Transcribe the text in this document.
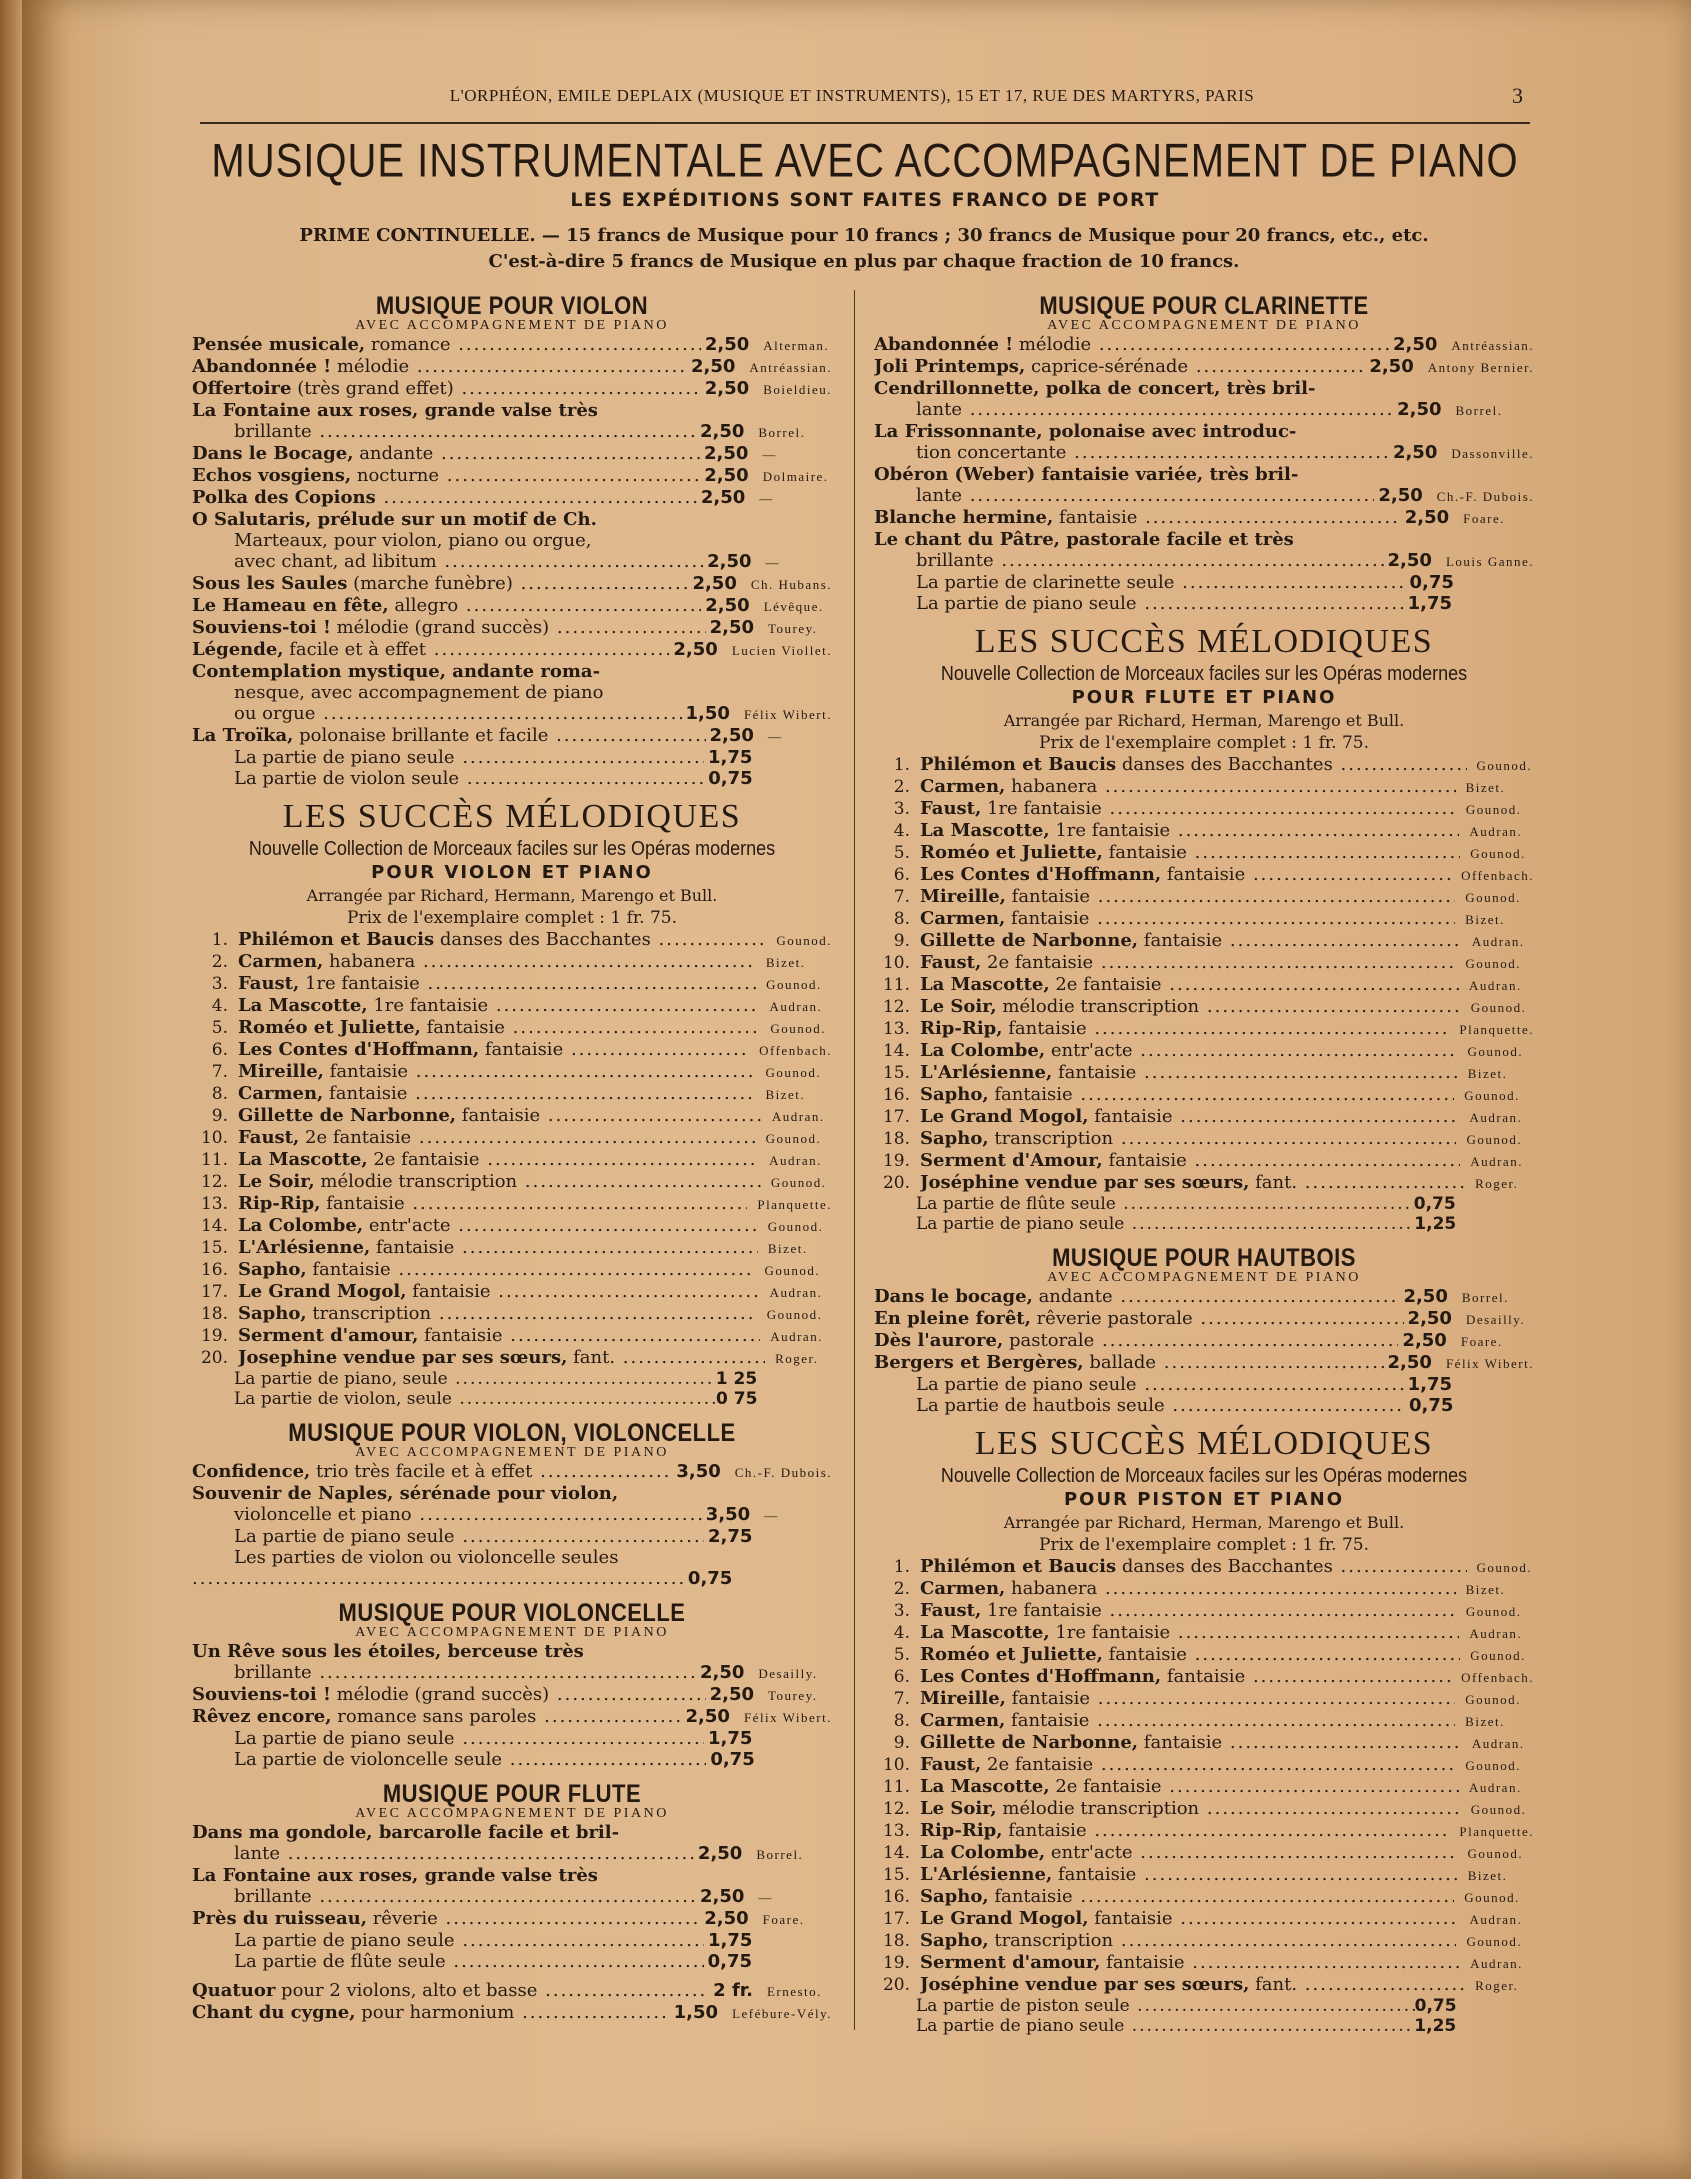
L'ORPHÉON, EMILE DEPLAIX (MUSIQUE ET INSTRUMENTS), 15 ET 17, RUE DES MARTYRS, PARIS	3
MUSIQUE INSTRUMENTALE AVEC ACCOMPAGNEMENT DE PIANO
LES EXPÉDITIONS SONT FAITES FRANCO DE PORT
PRIME CONTINUELLE. — 15 francs de Musique pour 10 francs ; 30 francs de Musique pour 20 francs, etc., etc.
C'est-à-dire 5 francs de Musique en plus par chaque fraction de 10 francs.
MUSIQUE POUR VIOLON
AVEC ACCOMPAGNEMENT DE PIANO
Pensée musicale, romance .....	2,50	Alterman.
Abandonnée ! mélodie .....	2,50	Antréassian.
Offertoire (très grand effet) .....	2,50	Boieldieu.
La Fontaine aux roses, grande valse très
brillante .....	2,50	Borrel.
Dans le Bocage, andante .....	2,50	—
Echos vosgiens, nocturne .....	2,50	Dolmaire.
Polka des Copions .....	2,50	—
O Salutaris, prélude sur un motif de Ch.
Marteaux, pour violon, piano ou orgue,
avec chant, ad libitum .....	2,50	—
Sous les Saules (marche funèbre) .....	2,50	Ch. Hubans.
Le Hameau en fête, allegro .....	2,50	Lévêque.
Souviens-toi ! mélodie (grand succès) .....	2,50	Tourey.
Légende, facile et à effet .....	2,50	Lucien Viollet.
Contemplation mystique, andante roma-
nesque, avec accompagnement de piano
ou orgue .....	1,50	Félix Wibert.
La Troïka, polonaise brillante et facile .....	2,50	—
La partie de piano seule .....	1,75
La partie de violon seule .....	0,75
LES SUCCÈS MÉLODIQUES
Nouvelle Collection de Morceaux faciles sur les Opéras modernes
POUR VIOLON ET PIANO
Arrangée par Richard, Hermann, Marengo et Bull.
Prix de l'exemplaire complet : 1 fr. 75.
1. Philémon et Baucis danses des Bacchantes .....	Gounod.
2. Carmen, habanera .....	Bizet.
3. Faust, 1re fantaisie .....	Gounod.
4. La Mascotte, 1re fantaisie .....	Audran.
5. Roméo et Juliette, fantaisie .....	Gounod.
6. Les Contes d'Hoffmann, fantaisie .....	Offenbach.
7. Mireille, fantaisie .....	Gounod.
8. Carmen, fantaisie .....	Bizet.
9. Gillette de Narbonne, fantaisie .....	Audran.
10. Faust, 2e fantaisie .....	Gounod.
11. La Mascotte, 2e fantaisie .....	Audran.
12. Le Soir, mélodie transcription .....	Gounod.
13. Rip-Rip, fantaisie .....	Planquette.
14. La Colombe, entr'acte .....	Gounod.
15. L'Arlésienne, fantaisie .....	Bizet.
16. Sapho, fantaisie .....	Gounod.
17. Le Grand Mogol, fantaisie .....	Audran.
18. Sapho, transcription .....	Gounod.
19. Serment d'amour, fantaisie .....	Audran.
20. Josephine vendue par ses sœurs, fant. .....	Roger.
La partie de piano, seule .....	1 25
La partie de violon, seule .....	0 75
MUSIQUE POUR VIOLON, VIOLONCELLE
AVEC ACCOMPAGNEMENT DE PIANO
Confidence, trio très facile et à effet .....	3,50	Ch.-F. Dubois.
Souvenir de Naples, sérénade pour violon,
violoncelle et piano .....	3,50	—
La partie de piano seule .....	2,75
Les parties de violon ou violoncelle seules
.....
0,75
MUSIQUE POUR VIOLONCELLE
AVEC ACCOMPAGNEMENT DE PIANO
Un Rêve sous les étoiles, berceuse très
brillante .....	2,50	Desailly.
Souviens-toi ! mélodie (grand succès) .....	2,50	Tourey.
Rêvez encore, romance sans paroles .....	2,50	Félix Wibert.
La partie de piano seule .....	1,75
La partie de violoncelle seule .....	0,75
MUSIQUE POUR FLUTE
AVEC ACCOMPAGNEMENT DE PIANO
Dans ma gondole, barcarolle facile et bril-
lante .....	2,50	Borrel.
La Fontaine aux roses, grande valse très
brillante .....	2,50	—
Près du ruisseau, rêverie .....	2,50	Foare.
La partie de piano seule .....	1,75
La partie de flûte seule .....	0,75
Quatuor pour 2 violons, alto et basse .....	2 fr.	Ernesto.
Chant du cygne, pour harmonium .....	1,50	Lefébure-Vély.
MUSIQUE POUR CLARINETTE
AVEC ACCOMPAGNEMENT DE PIANO
Abandonnée ! mélodie .....	2,50	Antréassian.
Joli Printemps, caprice-sérénade .....	2,50	Antony Bernier.
Cendrillonnette, polka de concert, très bril-
lante .....	2,50	Borrel.
La Frissonnante, polonaise avec introduc-
tion concertante .....	2,50	Dassonville.
Obéron (Weber) fantaisie variée, très bril-
lante .....	2,50	Ch.-F. Dubois.
Blanche hermine, fantaisie .....	2,50	Foare.
Le chant du Pâtre, pastorale facile et très
brillante .....	2,50	Louis Ganne.
La partie de clarinette seule .....	0,75
La partie de piano seule .....	1,75
LES SUCCÈS MÉLODIQUES
Nouvelle Collection de Morceaux faciles sur les Opéras modernes
POUR FLUTE ET PIANO
Arrangée par Richard, Herman, Marengo et Bull.
Prix de l'exemplaire complet : 1 fr. 75.
1. Philémon et Baucis danses des Bacchantes .....	Gounod.
2. Carmen, habanera .....	Bizet.
3. Faust, 1re fantaisie .....	Gounod.
4. La Mascotte, 1re fantaisie .....	Audran.
5. Roméo et Juliette, fantaisie .....	Gounod.
6. Les Contes d'Hoffmann, fantaisie .....	Offenbach.
7. Mireille, fantaisie .....	Gounod.
8. Carmen, fantaisie .....	Bizet.
9. Gillette de Narbonne, fantaisie .....	Audran.
10. Faust, 2e fantaisie .....	Gounod.
11. La Mascotte, 2e fantaisie .....	Audran.
12. Le Soir, mélodie transcription .....	Gounod.
13. Rip-Rip, fantaisie .....	Planquette.
14. La Colombe, entr'acte .....	Gounod.
15. L'Arlésienne, fantaisie .....	Bizet.
16. Sapho, fantaisie .....	Gounod.
17. Le Grand Mogol, fantaisie .....	Audran.
18. Sapho, transcription .....	Gounod.
19. Serment d'Amour, fantaisie .....	Audran.
20. Joséphine vendue par ses sœurs, fant. .....	Roger.
La partie de flûte seule .....	0,75
La partie de piano seule .....	1,25
MUSIQUE POUR HAUTBOIS
AVEC ACCOMPAGNEMENT DE PIANO
Dans le bocage, andante .....	2,50	Borrel.
En pleine forêt, rêverie pastorale .....	2,50	Desailly.
Dès l'aurore, pastorale .....	2,50	Foare.
Bergers et Bergères, ballade .....	2,50	Félix Wibert.
La partie de piano seule .....	1,75
La partie de hautbois seule .....	0,75
LES SUCCÈS MÉLODIQUES
Nouvelle Collection de Morceaux faciles sur les Opéras modernes
POUR PISTON ET PIANO
Arrangée par Richard, Herman, Marengo et Bull.
Prix de l'exemplaire complet : 1 fr. 75.
1. Philémon et Baucis danses des Bacchantes .....	Gounod.
2. Carmen, habanera .....	Bizet.
3. Faust, 1re fantaisie .....	Gounod.
4. La Mascotte, 1re fantaisie .....	Audran.
5. Roméo et Juliette, fantaisie .....	Gounod.
6. Les Contes d'Hoffmann, fantaisie .....	Offenbach.
7. Mireille, fantaisie .....	Gounod.
8. Carmen, fantaisie .....	Bizet.
9. Gillette de Narbonne, fantaisie .....	Audran.
10. Faust, 2e fantaisie .....	Gounod.
11. La Mascotte, 2e fantaisie .....	Audran.
12. Le Soir, mélodie transcription .....	Gounod.
13. Rip-Rip, fantaisie .....	Planquette.
14. La Colombe, entr'acte .....	Gounod.
15. L'Arlésienne, fantaisie .....	Bizet.
16. Sapho, fantaisie .....	Gounod.
17. Le Grand Mogol, fantaisie .....	Audran.
18. Sapho, transcription .....	Gounod.
19. Serment d'amour, fantaisie .....	Audran.
20. Joséphine vendue par ses sœurs, fant. .....	Roger.
La partie de piston seule .....	0,75
La partie de piano seule .....	1,25
